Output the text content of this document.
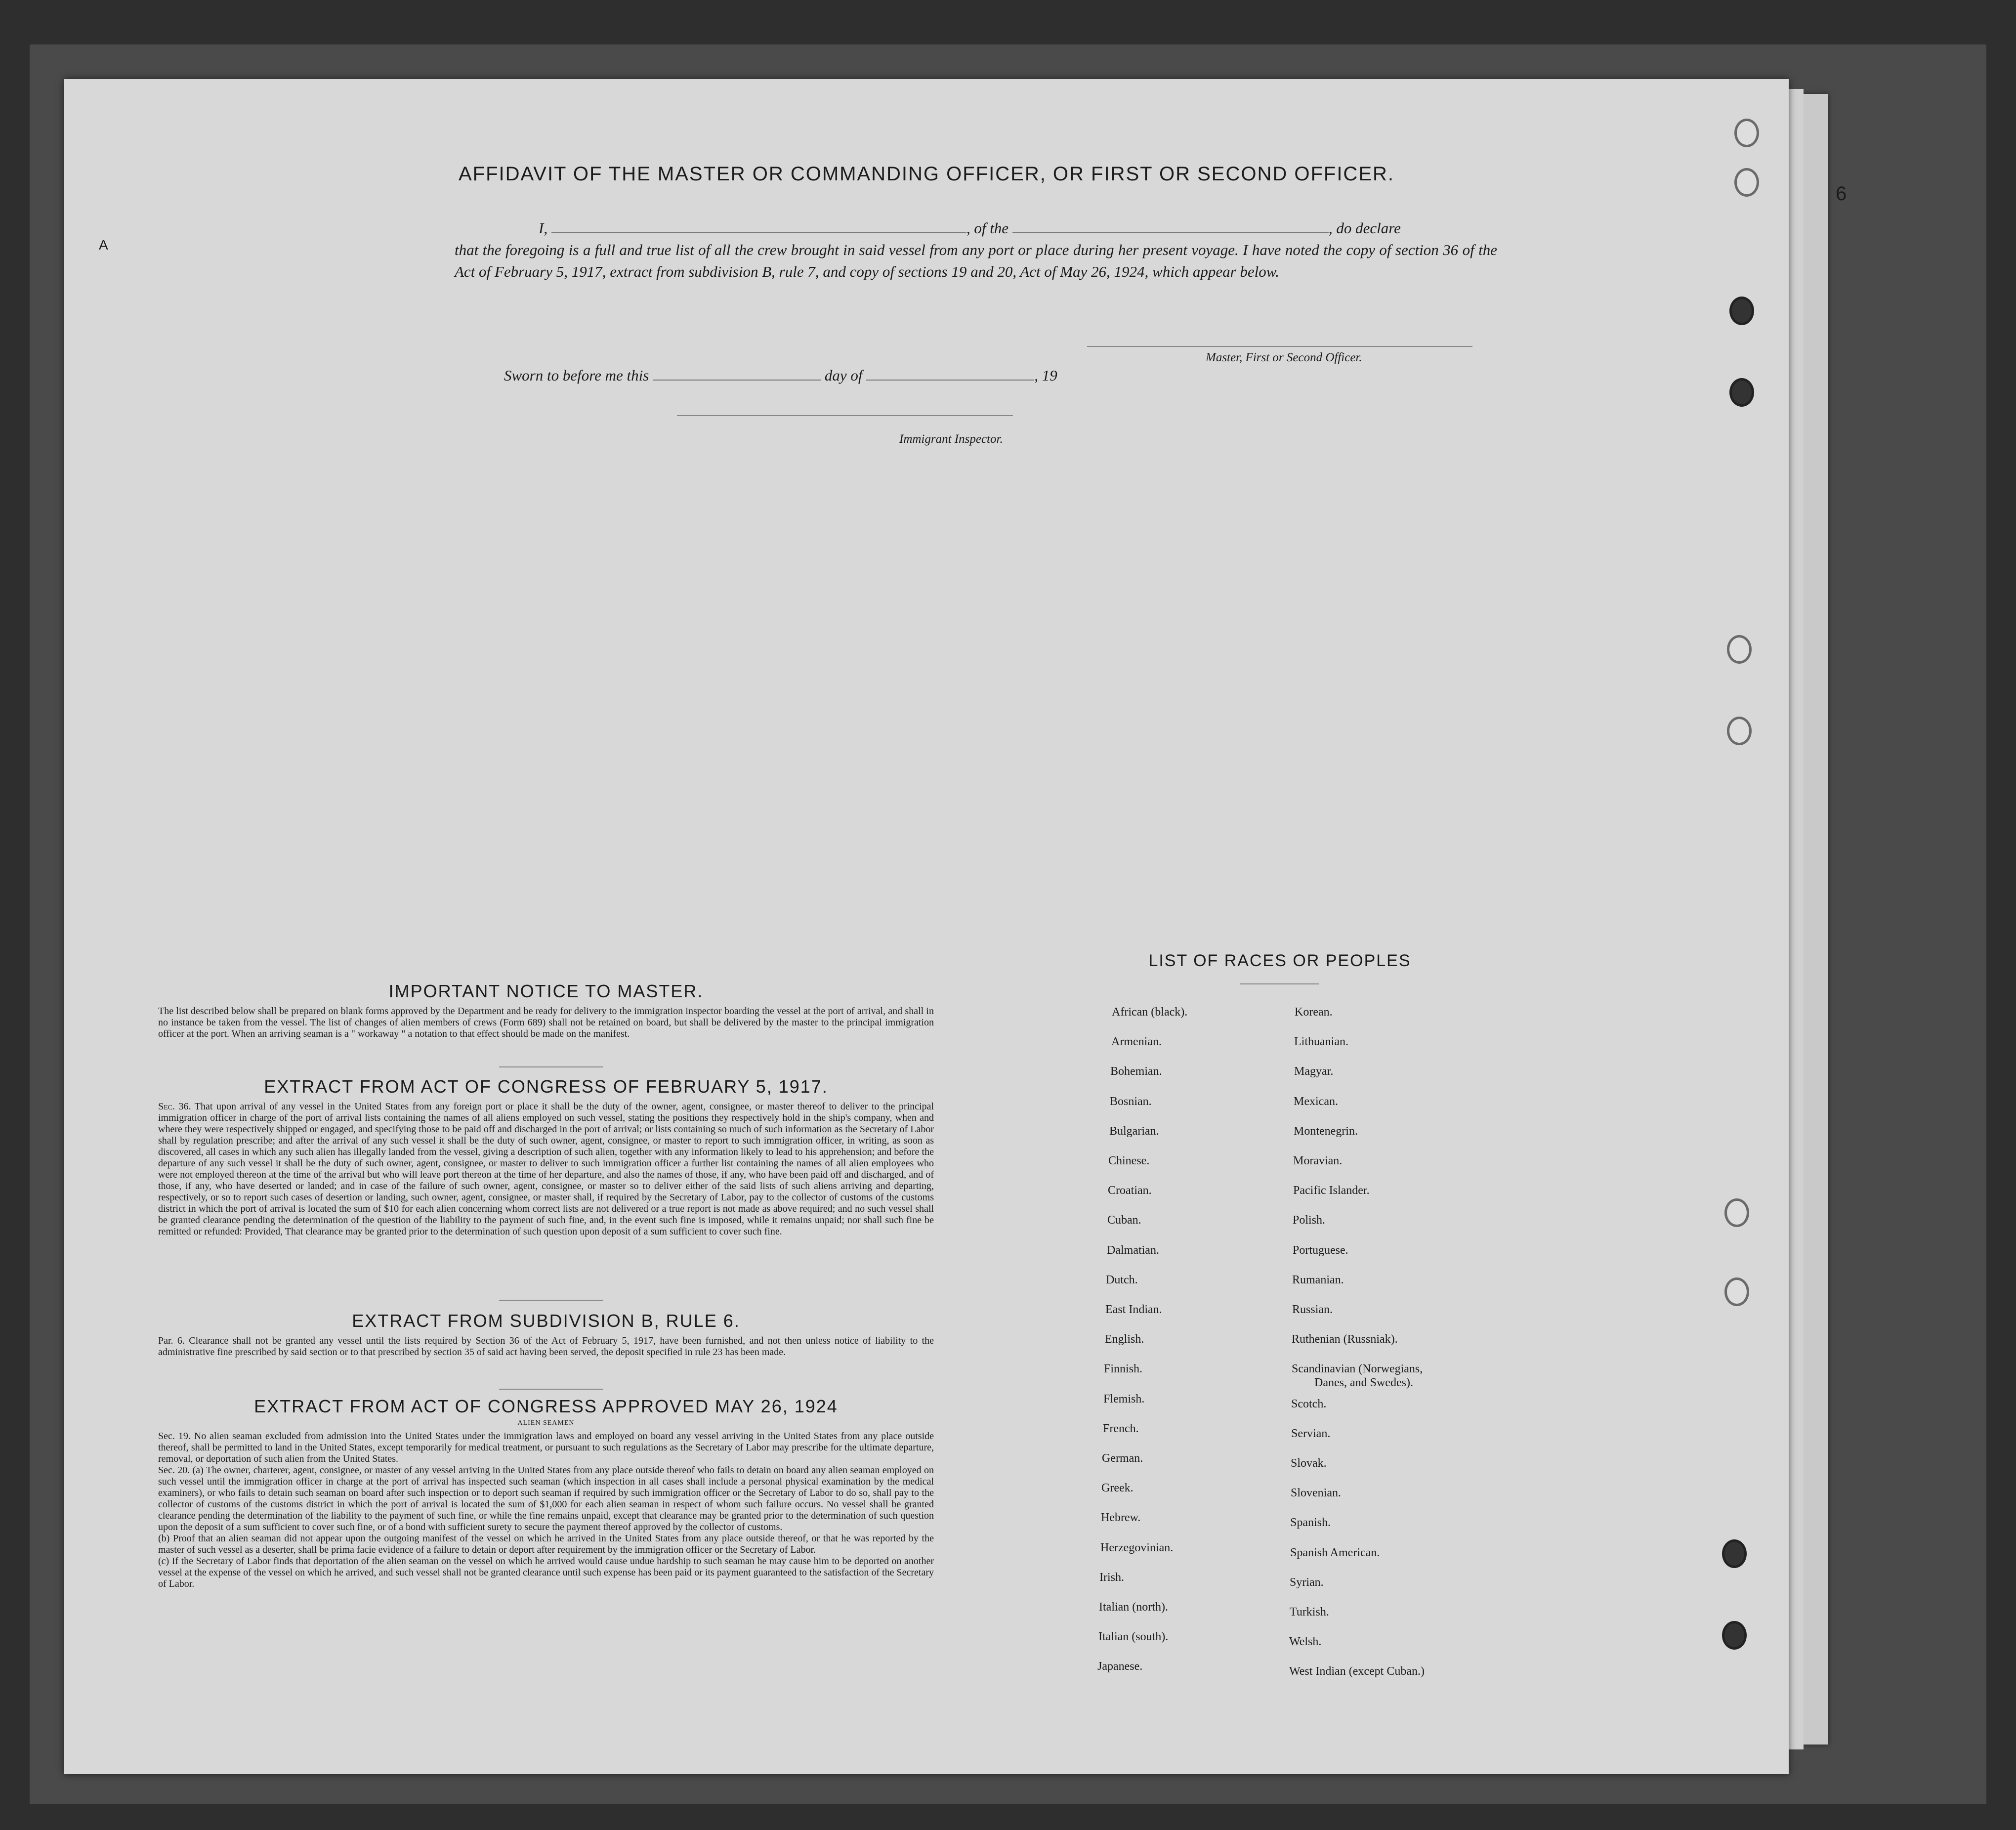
6
A
AFFIDAVIT OF THE MASTER OR COMMANDING OFFICER, OR FIRST OR SECOND OFFICER.
I,	, of the	, do declare
that the foregoing is a full and true list of all the crew brought in said vessel from any port or place during her present voyage. I have noted the copy of section 36 of the Act of February 5, 1917, extract from subdivision B, rule 7, and copy of sections 19 and 20, Act of May 26, 1924, which appear below.
Master, First or Second Officer.
Sworn to before me this	day of	, 19
Immigrant Inspector.
IMPORTANT NOTICE TO MASTER.
The list described below shall be prepared on blank forms approved by the Department and be ready for delivery to the immigration inspector boarding the vessel at the port of arrival, and shall in no instance be taken from the vessel. The list of changes of alien members of crews (Form 689) shall not be retained on board, but shall be delivered by the master to the principal immigration officer at the port. When an arriving seaman is a " workaway " a notation to that effect should be made on the manifest.
EXTRACT FROM ACT OF CONGRESS OF FEBRUARY 5, 1917.
Sec. 36. That upon arrival of any vessel in the United States from any foreign port or place it shall be the duty of the owner, agent, consignee, or master thereof to deliver to the principal immigration officer in charge of the port of arrival lists containing the names of all aliens employed on such vessel, stating the positions they respectively hold in the ship's company, when and where they were respectively shipped or engaged, and specifying those to be paid off and discharged in the port of arrival; or lists containing so much of such information as the Secretary of Labor shall by regulation prescribe; and after the arrival of any such vessel it shall be the duty of such owner, agent, consignee, or master to report to such immigration officer, in writing, as soon as discovered, all cases in which any such alien has illegally landed from the vessel, giving a description of such alien, together with any information likely to lead to his apprehension; and before the departure of any such vessel it shall be the duty of such owner, agent, consignee, or master to deliver to such immigration officer a further list containing the names of all alien employees who were not employed thereon at the time of the arrival but who will leave port thereon at the time of her departure, and also the names of those, if any, who have been paid off and discharged, and of those, if any, who have deserted or landed; and in case of the failure of such owner, agent, consignee, or master so to deliver either of the said lists of such aliens arriving and departing, respectively, or so to report such cases of desertion or landing, such owner, agent, consignee, or master shall, if required by the Secretary of Labor, pay to the collector of customs of the customs district in which the port of arrival is located the sum of $10 for each alien concerning whom correct lists are not delivered or a true report is not made as above required; and no such vessel shall be granted clearance pending the determination of the question of the liability to the payment of such fine, and, in the event such fine is imposed, while it remains unpaid; nor shall such fine be remitted or refunded: Provided, That clearance may be granted prior to the determination of such question upon deposit of a sum sufficient to cover such fine.
EXTRACT FROM SUBDIVISION B, RULE 6.
Par. 6. Clearance shall not be granted any vessel until the lists required by Section 36 of the Act of February 5, 1917, have been furnished, and not then unless notice of liability to the administrative fine prescribed by said section or to that prescribed by section 35 of said act having been served, the deposit specified in rule 23 has been made.
EXTRACT FROM ACT OF CONGRESS APPROVED MAY 26, 1924
ALIEN SEAMEN
Sec. 19. No alien seaman excluded from admission into the United States under the immigration laws and employed on board any vessel arriving in the United States from any place outside thereof, shall be permitted to land in the United States, except temporarily for medical treatment, or pursuant to such regulations as the Secretary of Labor may prescribe for the ultimate departure, removal, or deportation of such alien from the United States.
Sec. 20. (a) The owner, charterer, agent, consignee, or master of any vessel arriving in the United States from any place outside thereof who fails to detain on board any alien seaman employed on such vessel until the immigration officer in charge at the port of arrival has inspected such seaman (which inspection in all cases shall include a personal physical examination by the medical examiners), or who fails to detain such seaman on board after such inspection or to deport such seaman if required by such immigration officer or the Secretary of Labor to do so, shall pay to the collector of customs of the customs district in which the port of arrival is located the sum of $1,000 for each alien seaman in respect of whom such failure occurs. No vessel shall be granted clearance pending the determination of the liability to the payment of such fine, or while the fine remains unpaid, except that clearance may be granted prior to the determination of such question upon the deposit of a sum sufficient to cover such fine, or of a bond with sufficient surety to secure the payment thereof approved by the collector of customs.
(b) Proof that an alien seaman did not appear upon the outgoing manifest of the vessel on which he arrived in the United States from any place outside thereof, or that he was reported by the master of such vessel as a deserter, shall be prima facie evidence of a failure to detain or deport after requirement by the immigration officer or the Secretary of Labor.
(c) If the Secretary of Labor finds that deportation of the alien seaman on the vessel on which he arrived would cause undue hardship to such seaman he may cause him to be deported on another vessel at the expense of the vessel on which he arrived, and such vessel shall not be granted clearance until such expense has been paid or its payment guaranteed to the satisfaction of the Secretary of Labor.
LIST OF RACES OR PEOPLES
African (black).
Armenian.
Bohemian.
Bosnian.
Bulgarian.
Chinese.
Croatian.
Cuban.
Dalmatian.
Dutch.
East Indian.
English.
Finnish.
Flemish.
French.
German.
Greek.
Hebrew.
Herzegovinian.
Irish.
Italian (north).
Italian (south).
Japanese.
Korean.
Lithuanian.
Magyar.
Mexican.
Montenegrin.
Moravian.
Pacific Islander.
Polish.
Portuguese.
Rumanian.
Russian.
Ruthenian (Russniak).
Scandinavian (Norwegians,
Scotch.
Servian.
Slovak.
Slovenian.
Spanish.
Spanish American.
Syrian.
Turkish.
Welsh.
West Indian (except Cuban.)
Danes, and Swedes).
